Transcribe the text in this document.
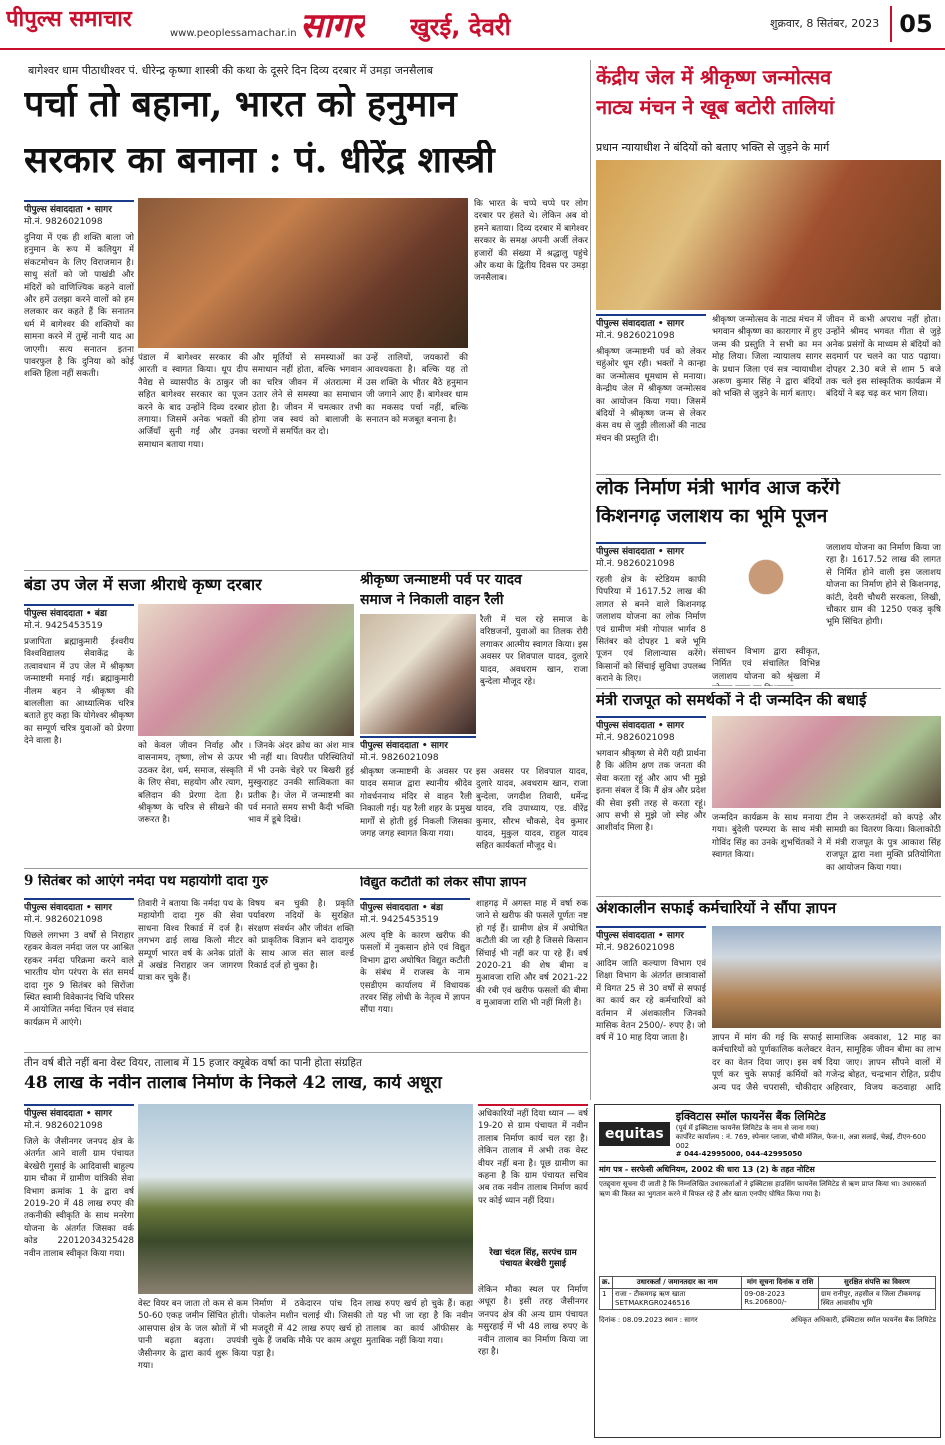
पीपुल्स समाचार
www.peoplessamachar.in सागर खुरई, देवरी	शुक्रवार, 8 सितंबर, 2023 05
बागेश्वर धाम पीठाधीश्वर पं. धीरेन्द्र कृष्णा शास्त्री की कथा के दूसरे दिन दिव्य दरबार में उमड़ा जनसैलाब
पर्चा तो बहाना, भारत को हनुमान
सरकार का बनाना : पं. धीरेंद्र शास्त्री
पीपुल्स संवाददाता • सागर
मो.नं. 9826021098
दुनिया में एक ही शक्ति बाला जो हनुमान के रूप में कलियुग में संकटमोचन के लिए विराजमान है। साधु संतों को जो पाखंडी और मंदिरों को वाणिज्यिक कहने वालों और हमें उलझा करने वालों को हम ललकार कर कहते हैं कि सनातन धर्म में बागेश्वर की शक्तियों का सामना करने में तुम्हें नानी याद आ जाएगी। सत्य सनातन इतना पावरफुल है कि दुनिया को कोई शक्ति हिला नहीं सकती।
पंडाल में बागेश्वर सरकार की आरती व स्वागत किया। धूप दीप नैवेद्य से व्यासपीठ के ठाकुर जी सहित बागेश्वर सरकार का पूजन करने के बाद उन्होंने दिव्य दरबार लगाया। जिसमें अनेक भक्तों की अर्जियाँ सुनी गईं और उनका समाधान बताया गया।
और मूर्तियों से समस्याओं का समाधान नहीं होता, बल्कि भगवान का चरित्र जीवन में अंतरात्मा में उतार लेने से समस्या का समाधान होता है। जीवन में चमत्कार तभी होगा जब स्वयं को बालाजी के चरणों में समर्पित कर दो।
उन्हें तालियों, जयकारों की आवश्यकता है। बल्कि यह तो उस शक्ति के भीतर बैठे हनुमान जी जगाने आए हैं। बागेश्वर धाम का मकसद पर्चा नहीं, बल्कि सनातन को मजबूत बनाना है।
कि भारत के चप्पे चप्पे पर लोग दरबार पर हंसते थे। लेकिन अब वो हमने बताया। दिव्य दरबार में बागेश्वर सरकार के समक्ष अपनी अर्जी लेकर हजारों की संख्या में श्रद्धालु पहुंचे और कथा के द्वितीय दिवस पर उमड़ा जनसैलाब।
केंद्रीय जेल में श्रीकृष्ण जन्मोत्सव
नाट्य मंचन ने खूब बटोरी तालियां
प्रधान न्यायाधीश ने बंदियों को बताए भक्ति से जुड़ने के मार्ग
पीपुल्स संवाददाता • सागर
मो.नं. 9826021098
श्रीकृष्ण जन्माष्टमी पर्व को लेकर चहुंओर धूम रही। भक्तों ने कान्हा का जन्मोत्सव धूमधाम से मनाया। केन्द्रीय जेल में श्रीकृष्ण जन्मोत्सव का आयोजन किया गया। जिसमें बंदियों ने श्रीकृष्ण जन्म से लेकर कंस वध से जुड़ी लीलाओं की नाट्य मंचन की प्रस्तुति दी।
श्रीकृष्ण जन्मोत्सव के नाट्य मंचन में भगवान श्रीकृष्ण का कारागार में हुए जन्म की प्रस्तुति ने सभी का मन मोह लिया। जिला न्यायालय सागर के प्रधान जिला एवं सत्र न्यायाधीश अरूण कुमार सिंह ने द्वारा बंदियों को भक्ति से जुड़ने के मार्ग बताए।
जीवन में कभी अपराध नहीं होता। उन्होंने श्रीमद भगवत गीता से जुड़े अनेक प्रसंगों के माध्यम से बंदियों को सदमार्ग पर चलने का पाठ पढ़ाया। दोपहर 2.30 बजे से शाम 5 बजे तक चले इस सांस्कृतिक कार्यक्रम में बंदियों ने बढ़ चढ़ कर भाग लिया।
लोक निर्माण मंत्री भार्गव आज करेंगे
किशनगढ़ जलाशय का भूमि पूजन
पीपुल्स संवाददाता • सागर
मो.नं. 9826021098
रहली क्षेत्र के स्टेडियम काफी पिपरिया में 1617.52 लाख की लागत से बनने वाले किशनगढ़ जलाशय योजना का लोक निर्माण एवं ग्रामीण मंत्री गोपाल भार्गव 8 सितंबर को दोपहर 1 बजे भूमि पूजन एवं शिलान्यास करेंगे। किसानों को सिंचाई सुविधा उपलब्ध कराने के लिए।
संसाधन विभाग द्वारा स्वीकृत, निर्मित एवं संचालित विभिन्न जलाशय योजना को श्रृंखला में
जलाशय योजना का निर्माण किया जा रहा है। 1617.52 लाख की लागत से निर्मित होने वाली इस जलाशय योजना का निर्माण होने से किशनगढ़, कांटी, देवरी चौधरी सरकला, लिखी, चौकार ग्राम की 1250 एकड़ कृषि भूमि सिंचित होगी।
मंत्री राजपूत को समर्थकों ने दी जन्मदिन की बधाई
पीपुल्स संवाददाता • सागर
मो.नं. 9826021098
भगवान श्रीकृष्ण से मेरी यही प्रार्थना है कि अंतिम क्षण तक जनता की सेवा करता रहूं और आप भी मुझे इतना संबल दें कि मैं क्षेत्र और प्रदेश की सेवा इसी तरह से करता रहूं। आप सभी से मुझे जो स्नेह और आशीर्वाद मिला है।
जन्मदिन कार्यक्रम के साथ मनाया गया। बुंदेली परम्परा के साथ मंत्री गोविंद सिंह का उनके शुभचिंतकों ने स्वागत किया।
टीम ने जरूरतमंदों को कपड़े और सामग्री का वितरण किया। किलाकोठी में मंत्री राजपूत के पुत्र आकाश सिंह राजपूत द्वारा नशा मुक्ति प्रतियोगिता का आयोजन किया गया।
बंडा उप जेल में सजा श्रीराधे कृष्ण दरबार
पीपुल्स संवाददाता • बंडा
मो.नं. 9425453519
प्रजापिता ब्रह्माकुमारी ईश्वरीय विश्वविद्यालय सेवाकेंद्र के तत्वावधान में उप जेल में श्रीकृष्ण जन्माष्टमी मनाई गई। ब्रह्माकुमारी नीलम बहन ने श्रीकृष्ण की बाललीला का आध्यात्मिक चरित्र बताते हुए कहा कि योगेश्वर श्रीकृष्ण का सम्पूर्ण चरित्र युवाओं को प्रेरणा देने वाला है।	को केवल जीवन निर्वाह और वासनामय, तृष्णा, लोभ से ऊपर उठकर देश, धर्म, समाज, संस्कृति के लिए सेवा, सहयोग और त्याग, बलिदान की प्रेरणा देता है। श्रीकृष्ण के चरित्र से सीखने की जरूरत है।
। जिनके अंदर क्रोध का अंश मात्र भी नहीं था। विपरीत परिस्थितियों में भी उनके चेहरे पर बिखरी हुई मुस्कुराहट उनकी सात्विकता का प्रतीक है। जेल में जन्माष्टमी का पर्व मनाते समय सभी कैदी भक्ति भाव में डूबे दिखे।
श्रीकृष्ण जन्माष्टमी पर्व पर यादव
समाज ने निकाली वाहन रैली
पीपुल्स संवाददाता • सागर
मो.नं. 9826021098
रैली में चल रहे समाज के वरिष्ठजनों, युवाओं का तिलक रोरी लगाकर आत्मीय स्वागत किया। इस अवसर पर शिवपाल यादव, दुलारे यादव, अवधराम खान, राजा बुन्देला मौजूद रहे।
श्रीकृष्ण जन्माष्टमी के अवसर पर यादव समाज द्वारा स्थानीय श्रीदेव गोवर्धननाथ मंदिर से वाहन रैली निकाली गई। यह रैली शहर के प्रमुख मार्गों से होती हुई निकली जिसका जगह जगह स्वागत किया गया।
इस अवसर पर शिवपाल यादव, दुलारे यादव, अवधराम खान, राजा बुन्देला, जगदीश तिवारी, धर्मेन्द्र यादव, रवि उपाध्याय, एड. वीरेंद्र कुमार, सौरभ चौकसे, देव कुमार यादव, मुकुल यादव, राहुल यादव सहित कार्यकर्ता मौजूद थे।
9 सितंबर को आएंगे नर्मदा पथ महायोगी दादा गुरु
पीपुल्स संवाददाता • सागर
मो.नं. 9826021098
पिछले लगभग 3 वर्षों से निराहार रहकर केवल नर्मदा जल पर आश्रित रहकर नर्मदा परिक्रमा करने वाले भारतीय योग परंपरा के संत समर्थ दादा गुरु 9 सितंबर को सिरोंजा स्थित स्वामी विवेकानंद चिथि परिसर में आयोजित नर्मदा चिंतन एवं संवाद कार्यक्रम में आएंगे।
तिवारी ने बताया कि नर्मदा पथ के महायोगी दादा गुरु की सेवा साधना विश्व रिकार्ड में दर्ज है। लगभग ढाई लाख किलो मीटर सम्पूर्ण भारत वर्ष के अनेक प्रांतों में अखंड निराहार जन जागरण यात्रा कर चुके हैं।
विषय बन चुकी है। प्रकृति पर्यावरण नदियों के सुरक्षित संरक्षण संवर्धन और जीवंत शक्ति को प्राकृतिक विज्ञान बने दादागुरु के साथ आज संत साल वर्ल्ड रिकार्ड दर्ज हो चुका है।
विद्युत कटौती को लेकर सौंपा ज्ञापन
पीपुल्स संवाददाता • बंडा
मो.नं. 9425453519
अल्प वृष्टि के कारण खरीफ की फसलों में नुकसान होने एवं विद्युत विभाग द्वारा अघोषित विद्युत कटौती के संबंध में राजस्व के नाम एसडीएम कार्यालय में विधायक तरवर सिंह लोधी के नेतृत्व में ज्ञापन सौंपा गया।
शाहगढ़ में अगस्त माह में वर्षा रुक जाने से खरीफ की फसलें पूर्णतः नष्ट हो गई हैं। ग्रामीण क्षेत्र में अघोषित कटौती की जा रही है जिससे किसान सिंचाई भी नहीं कर पा रहे हैं। वर्ष 2020-21 की शेष बीमा व मुआवजा राशि और वर्ष 2021-22 की रबी एवं खरीफ फसलों की बीमा व मुआवजा राशि भी नहीं मिली है।
अंशकालीन सफाई कर्मचारियों ने सौंपा ज्ञापन
पीपुल्स संवाददाता • सागर
मो.नं. 9826021098
आदिम जाति कल्याण विभाग एवं शिक्षा विभाग के अंतर्गत छात्रावासों में विगत 25 से 30 वर्षों से सफाई का कार्य कर रहे कर्मचारियों को वर्तमान में अंशकालीन जिनको मासिक वेतन 2500/- रुपए है। जो वर्ष में 10 माह दिया जाता है।	ज्ञापन में मांग की गई कि सफाई कर्मचारियों को पूर्णकालिक कलेक्टर दर का वेतन दिया जाए। इस वर्ष पूर्ण कर चुके सफाई कर्मियों को अन्य पद जैसे चपरासी, चौकीदार
सामाजिक अवकाश, 12 माह का वेतन, सामूहिक जीवन बीमा का लाभ दिया जाए। ज्ञापन सौंपने वालों में गजेन्द्र बोहत, चन्द्रभान रोहित, प्रदीप अहिरवार, विजय कठवाहा आदि
तीन वर्ष बीते नहीं बना वेस्ट वियर, तालाब में 15 हजार क्यूबेक वर्षा का पानी होता संग्रहित
48 लाख के नवीन तालाब निर्माण के निकले 42 लाख, कार्य अधूरा
पीपुल्स संवाददाता • सागर
मो.नं. 9826021098
जिले के जैसीनगर जनपद क्षेत्र के अंतर्गत आने वाली ग्राम पंचायत बेरखेरी गुसाई के आदिवासी बाहुल्य ग्राम चौका में ग्रामीण यांत्रिकी सेवा विभाग क्रमांक 1 के द्वारा वर्ष 2019-20 में 48 लाख रुपए की तकनीकी स्वीकृति के साथ मनरेगा योजना के अंतर्गत जिसका वर्क कोड 22012034325428 नवीन तालाब स्वीकृत किया गया।
वेस्ट वियर बन जाता तो कम से कम 50-60 एकड़ जमीन सिंचित होती। आसपास क्षेत्र के जल स्रोतों में भी पानी बढ़ता बढ़ता। उपयंत्री जैसीनगर के द्वारा कार्य शुरू किया गया।
निर्माण में ठकेदारन पांच दिन पोकलेन मशीन चलाई थी। जिसकी मजदूरी में 42 लाख रुपए खर्च हो चुके हैं जबकि मौके पर काम अधूरा पड़ा है।
लाख रुपए खर्च हो चुके हैं। कहा तो यह भी जा रहा है कि नवीन तालाब का कार्य ऑफीसर के मुताबिक नहीं किया गया।
अधिकारियों नहीं दिया ध्यान — वर्ष 19-20 से ग्राम पंचायत में नवीन तालाब निर्माण कार्य चल रहा है। लेकिन तालाब में अभी तक वेस्ट वीयर नहीं बना है। पूछ ग्रामीण का कहना है कि ग्राम पंचायत सचिव अब तक नवीन तालाब निर्माण कार्य पर कोई ध्यान नहीं दिया।
रेखा चंदल सिंह, सरपंच ग्राम पंचायत बेरखेरी गुसाई
लेकिन मौका स्थल पर निर्माण अधूरा है। इसी तरह जैसीनगर जनपद क्षेत्र की अन्य ग्राम पंचायत मसुरहाई में भी 48 लाख रुपए के नवीन तालाब का निर्माण किया जा रहा है।
equitas
इक्विटास स्मॉल फायनेंस बैंक लिमिटेड
(पूर्व में इक्विटास फायनेंस लिमिटेड के नाम से जाना गया)
कार्पोरेट कार्यालय : नं. 769, स्पेन्सर प्लाजा, चौथी मंजिल, फेज-II, अन्ना सलाई, चेन्नई, टीएन-600 002
# 044-42995000, 044-42995050
मांग पत्र - सरफेसी अधिनियम, 2002 की धारा 13 (2) के तहत नोटिस
एतद्द्वारा सूचना दी जाती है कि निम्नलिखित उधारकर्ताओं ने इक्विटास हाउसिंग फायनेंस लिमिटेड से ऋण प्राप्त किया था। उधारकर्ता ऋण की किस्त का भुगतान करने में विफल रहे हैं और खाता एनपीए घोषित किया गया है।
क्र.	उधारकर्ता / जमानतदार का नाम	मांग सूचना दिनांक व राशि	सुरक्षित संपत्ति का विवरण
1	राजा - टीकमगढ़ ऋण खाता SETMAKRGR0246516	09-08-2023 Rs.206800/-	ग्राम रानीपुर, तहसील व जिला टीकमगढ़ स्थित आवासीय भूमि
दिनांक : 08.09.2023 स्थान : सागर	अधिकृत अधिकारी, इक्विटास स्मॉल फायनेंस बैंक लिमिटेड
